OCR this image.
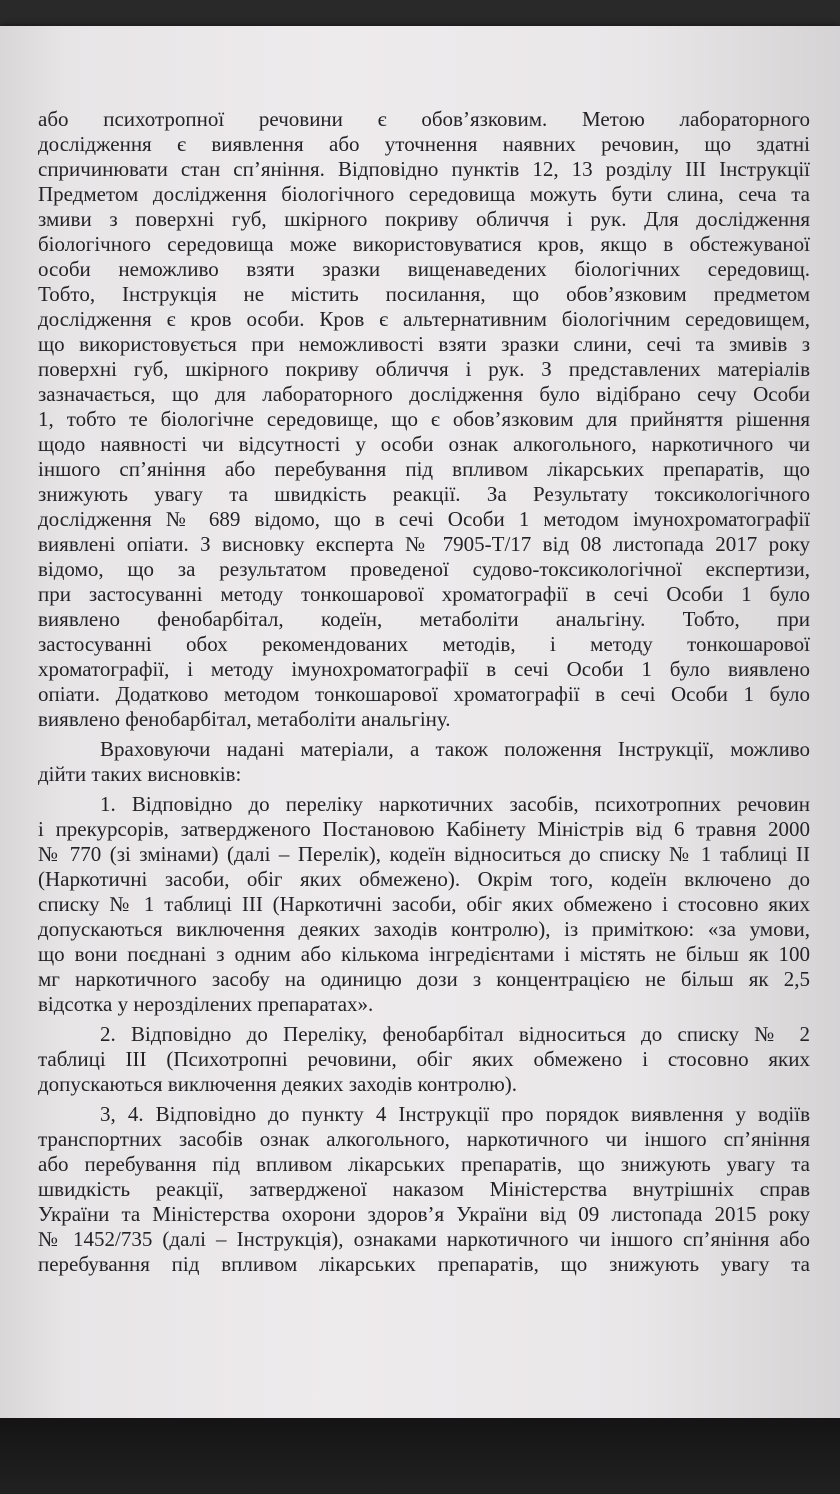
або психотропної речовини є обов’язковим. Метою лабораторного
дослідження є виявлення або уточнення наявних речовин, що здатні
спричинювати стан сп’яніння. Відповідно пунктів 12, 13 розділу ІІІ Інструкції
Предметом дослідження біологічного середовища можуть бути слина, сеча та
змиви з поверхні губ, шкірного покриву обличчя і рук. Для дослідження
біологічного середовища може використовуватися кров, якщо в обстежуваної
особи неможливо взяти зразки вищенаведених біологічних середовищ.
Тобто, Інструкція не містить посилання, що обов’язковим предметом
дослідження є кров особи. Кров є альтернативним біологічним середовищем,
що використовується при неможливості взяти зразки слини, сечі та змивів з
поверхні губ, шкірного покриву обличчя і рук. З представлених матеріалів
зазначається, що для лабораторного дослідження було відібрано сечу Особи
1, тобто те біологічне середовище, що є обов’язковим для прийняття рішення
щодо наявності чи відсутності у особи ознак алкогольного, наркотичного чи
іншого сп’яніння або перебування під впливом лікарських препаратів, що
знижують увагу та швидкість реакції. За Результату токсикологічного
дослідження № 689 відомо, що в сечі Особи 1 методом імунохроматографії
виявлені опіати. З висновку експерта № 7905-Т/17 від 08 листопада 2017 року
відомо, що за результатом проведеної судово-токсикологічної експертизи,
при застосуванні методу тонкошарової хроматографії в сечі Особи 1 було
виявлено фенобарбітал, кодеїн, метаболіти анальгіну. Тобто, при
застосуванні обох рекомендованих методів, і методу тонкошарової
хроматографії, і методу імунохроматографії в сечі Особи 1 було виявлено
опіати. Додатково методом тонкошарової хроматографії в сечі Особи 1 було
виявлено фенобарбітал, метаболіти анальгіну.
Враховуючи надані матеріали, а також положення Інструкції, можливо
дійти таких висновків:
1. Відповідно до переліку наркотичних засобів, психотропних речовин
і прекурсорів, затвердженого Постановою Кабінету Міністрів від 6 травня 2000
№ 770 (зі змінами) (далі – Перелік), кодеїн відноситься до списку № 1 таблиці ІІ
(Наркотичні засоби, обіг яких обмежено). Окрім того, кодеїн включено до
списку № 1 таблиці ІІІ (Наркотичні засоби, обіг яких обмежено і стосовно яких
допускаються виключення деяких заходів контролю), із приміткою: «за умови,
що вони поєднані з одним або кількома інгредієнтами і містять не більш як 100
мг наркотичного засобу на одиницю дози з концентрацією не більш як 2,5
відсотка у нерозділених препаратах».
2. Відповідно до Переліку, фенобарбітал відноситься до списку № 2
таблиці ІІІ (Психотропні речовини, обіг яких обмежено і стосовно яких
допускаються виключення деяких заходів контролю).
3, 4. Відповідно до пункту 4 Інструкції про порядок виявлення у водіїв
транспортних засобів ознак алкогольного, наркотичного чи іншого сп’яніння
або перебування під впливом лікарських препаратів, що знижують увагу та
швидкість реакції, затвердженої наказом Міністерства внутрішніх справ
України та Міністерства охорони здоров’я України від 09 листопада 2015 року
№ 1452/735 (далі – Інструкція), ознаками наркотичного чи іншого сп’яніння або
перебування під впливом лікарських препаратів, що знижують увагу та
